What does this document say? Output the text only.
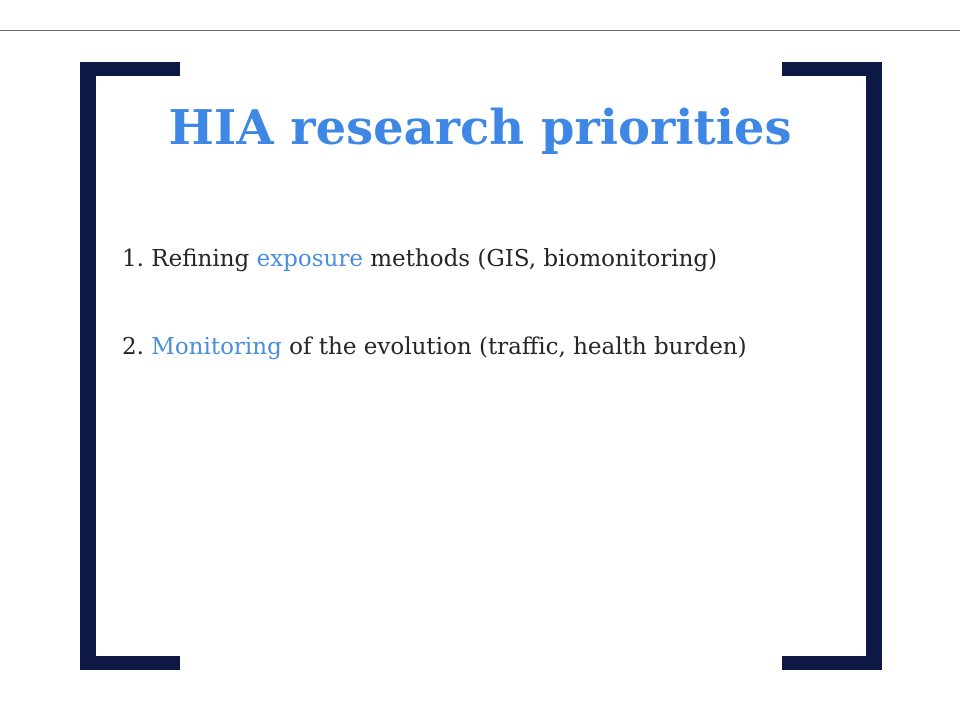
HIA research priorities
1. Refining exposure methods (GIS, biomonitoring)
2. Monitoring of the evolution (traffic, health burden)
